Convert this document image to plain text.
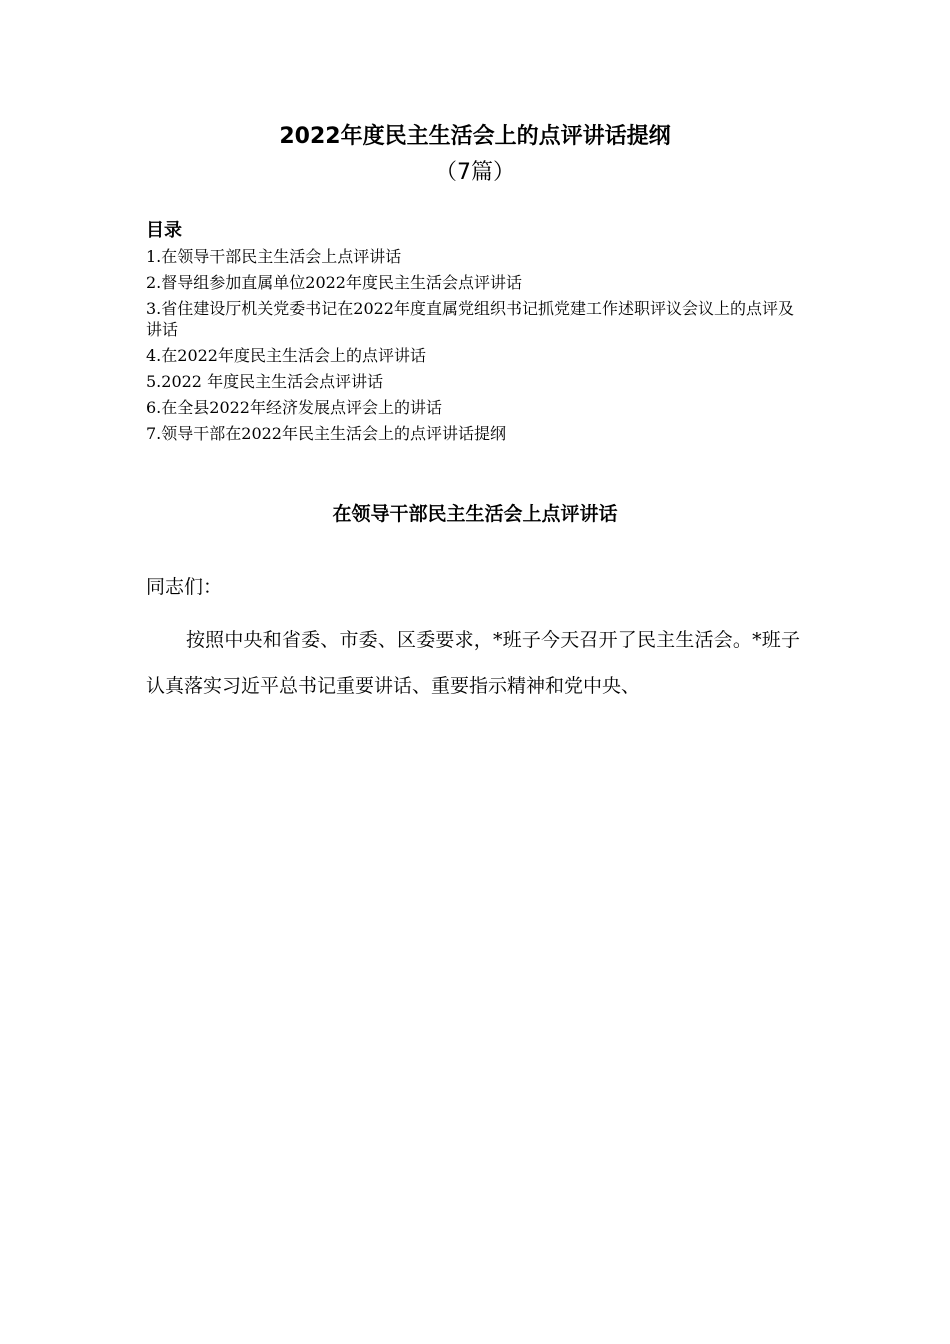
2022年度民主生活会上的点评讲话提纲
（7篇）
目录
1.在领导干部民主生活会上点评讲话
2.督导组参加直属单位2022年度民主生活会点评讲话
3.省住建设厅机关党委书记在2022年度直属党组织书记抓党建工作述职评议会议上的点评及讲话
4.在2022年度民主生活会上的点评讲话
5.2022 年度民主生活会点评讲话
6.在全县2022年经济发展点评会上的讲话
7.领导干部在2022年民主生活会上的点评讲话提纲
在领导干部民主生活会上点评讲话

同志们：

按照中央和省委、市委、区委要求，*班子今天召开了民主生活会。*班子认真落实习近平总书记重要讲话、重要指示精神和党中央、
